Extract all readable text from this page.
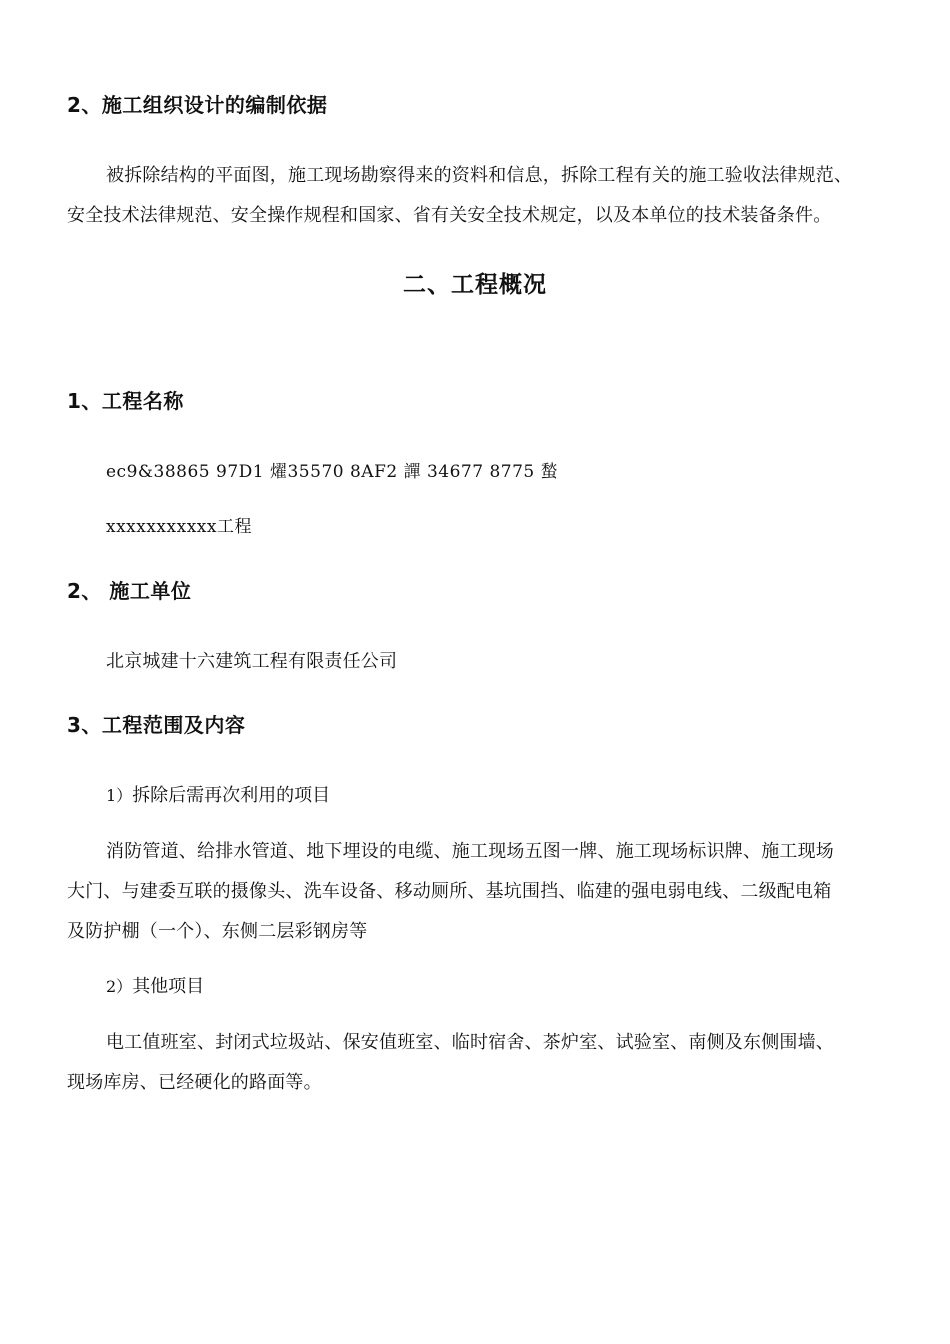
2、施工组织设计的编制依据
被拆除结构的平面图，施工现场勘察得来的资料和信息，拆除工程有关的施工验收法律规范、
安全技术法律规范、安全操作规程和国家、省有关安全技术规定，以及本单位的技术装备条件。
二、工程概况
1、工程名称
ec9&38865 97D1 燿35570 8AF2 譂 34677 8775 蝵
xxxxxxxxxxx工程
2、 施工单位
北京城建十六建筑工程有限责任公司
3、工程范围及内容
1）拆除后需再次利用的项目
消防管道、给排水管道、地下埋设的电缆、施工现场五图一牌、施工现场标识牌、施工现场
大门、与建委互联的摄像头、洗车设备、移动厕所、基坑围挡、临建的强电弱电线、二级配电箱
及防护棚（一个）、东侧二层彩钢房等
2）其他项目
电工值班室、封闭式垃圾站、保安值班室、临时宿舍、茶炉室、试验室、南侧及东侧围墙、
现场库房、已经硬化的路面等。
